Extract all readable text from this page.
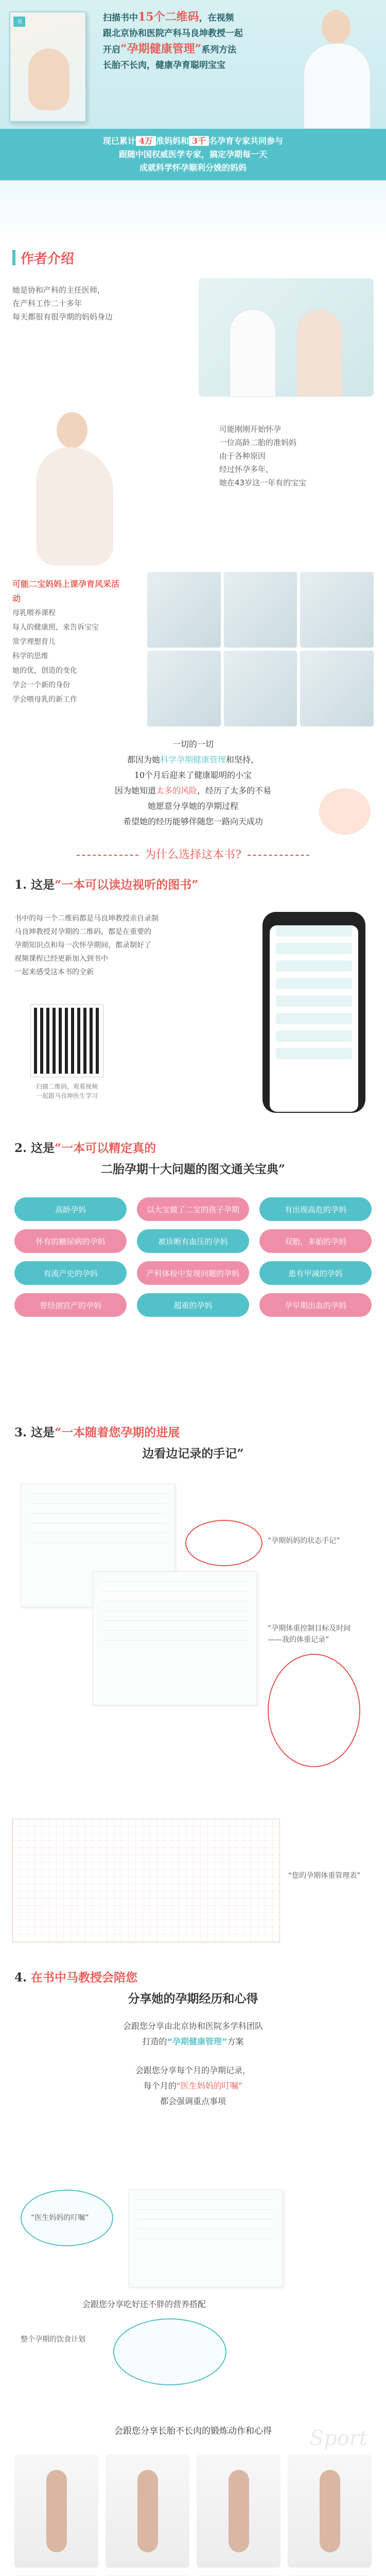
书	扫描书中15个二维码，在视频

跟北京协和医院产科马良坤教授一起

开启“孕期健康管理”系列方法

长胎不长肉，健康孕育聪明宝宝

现已累计 4万 准妈妈和 3千 名孕育专家共同参与
跟随中国权威医学专家，搞定孕期每一天
成就科学怀孕顺利分娩的妈妈

作者介绍

她是协和产科的主任医师，

在产科工作二十多年

每天都很有很孕期的妈妈身边

可能刚刚开始怀孕

一位高龄二胎的准妈妈

由于各种原因

经过怀孕多年，

她在43岁这一年有的宝宝

可能二宝妈妈上课孕育风采活动

母乳喂养课程

每人的健康照，来告诉宝宝

常学理想育儿

科学的思维

她的优，创造的变化

学会一个新的身份

学会喂母乳的新工作

一切的一切

都因为她科学孕期健康管理和坚持，

10个月后迎来了健康聪明的小宝

因为她知道太多的风险，经历了太多的不易

她愿意分享她的孕期过程

希望她的经历能够伴随您一路向天成功

为什么选择这本书?
1. 这是“一本可以读边视听的图书”

书中的每一个二维码都是马良坤教授亲自录制

马良坤教授对孕期的二维码，都是在重要的

孕期知识点和每一次怀孕期间，都录制好了

视频课程已经更新加入到书中

一起来感受这本书的全新

扫描二维码，观看视频

一起跟马良坤医生学习

2. 这是“一本可以精定真的
二胎孕期十大问题的图文通关宝典”
高龄孕妈	以大宝做了二宝的孩子孕期	有出现高危的孕妈
怀有的糖尿病的孕妈	被诊断有血压的孕妈	双胎，多胎的孕妈
有流产史的孕妈	产科体检中发现问题的孕妈	患有甲减的孕妈
曾经剖宫产的孕妈	超重的孕妈	孕早期出血的孕妈
3. 这是“一本随着您孕期的进展
边看边记录的手记”
“孕期妈妈的状态手记”

“孕期体重控制目标及时间

——我的体重记录”

“您的孕期体重管理表”
4. 在书中马教授会陪您
分享她的孕期经历和心得

会跟您分享由北京协和医院多学科团队

打造的“孕期健康管理”方案

会跟您分享每个月的孕期记录，

每个月的“医生妈妈的叮嘱”

都会强调重点事项

“医生妈妈的叮嘱”

会跟您分享吃好还不胖的营养搭配

整个孕期的饮食计划
会跟您分享长胎不长肉的锻炼动作和心得	Sport
